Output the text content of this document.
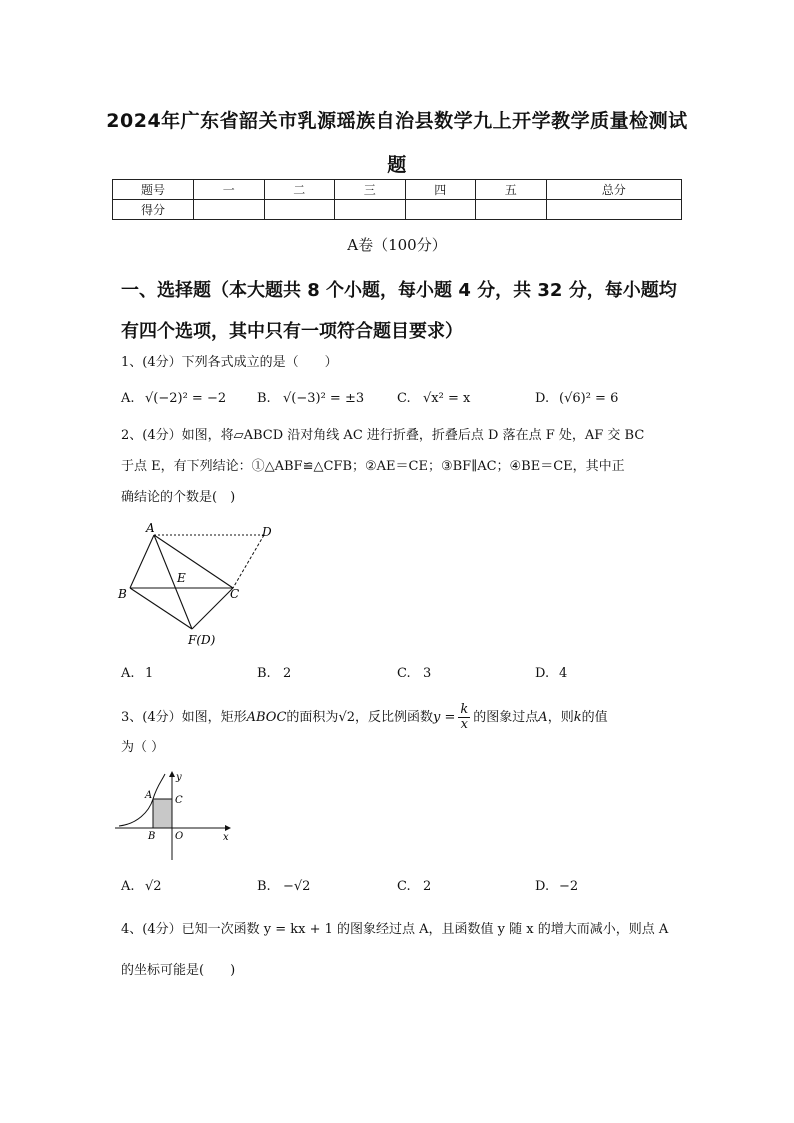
2024年广东省韶关市乳源瑶族自治县数学九上开学教学质量检测试
题
题号	一	二	三	四	五	总分
得分						
A卷（100分）
一、选择题（本大题共 8 个小题，每小题 4 分，共 32 分，每小题均
有四个选项，其中只有一项符合题目要求）
1、(4分）下列各式成立的是（　　）
A. √(−2)² = −2 B. √(−3)² = ±3	C. √x² = x	D. (√6)² = 6
2、(4分）如图，将▱ABCD 沿对角线 AC 进行折叠，折叠后点 D 落在点 F 处，AF 交 BC
于点 E，有下列结论：①△ABF≌△CFB；②AE＝CE；③BF∥AC；④BE＝CE，其中正
确结论的个数是(　)
A	D
E
B	C
F(D)
A. 1	B. 2	C. 3	D. 4
3、(4分）如图，矩形ABOC的面积为√2，反比例函数$y = \frac{k}{x}$ 的图象过点A，则k的值
为（ ）
y
x
A C
B O
A. √2	B. −√2	C. 2	D. −2
4、(4分）已知一次函数 y = kx + 1 的图象经过点 A，且函数值 y 随 x 的增大而减小，则点 A
的坐标可能是(　　)
